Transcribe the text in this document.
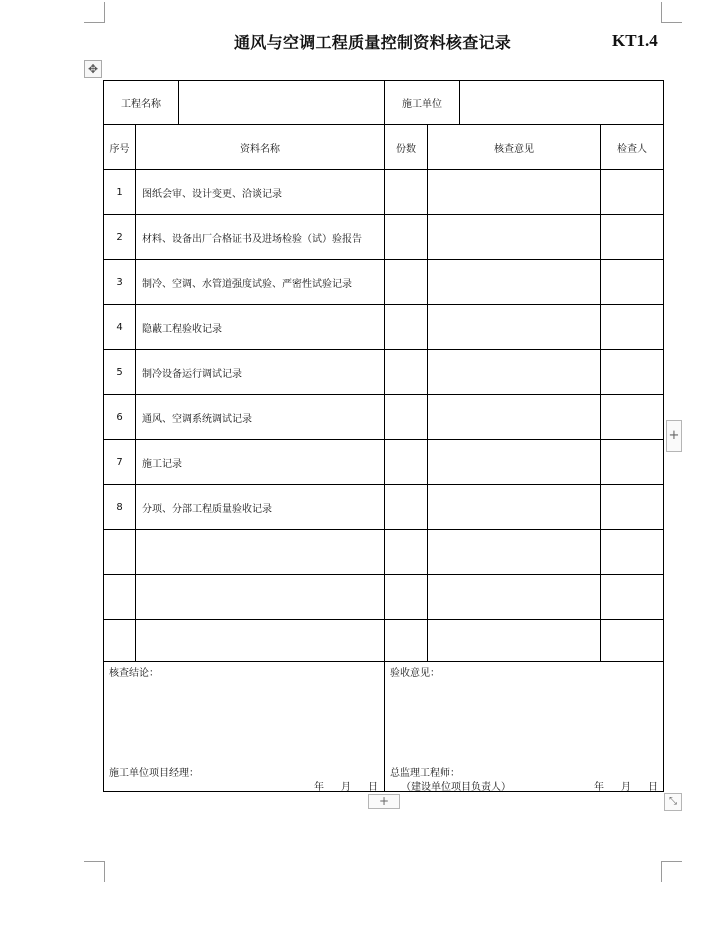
通风与空调工程质量控制资料核查记录	KT1.4
✥
工程名称	施工单位
序号	资料名称	份数	核查意见	检查人
1	图纸会审、设计变更、洽谈记录
2	材料、设备出厂合格证书及进场检验（试）验报告
3	制冷、空调、水管道强度试验、严密性试验记录
4	隐蔽工程验收记录
5	制冷设备运行调试记录
6	通风、空调系统调试记录
7	施工记录
8	分项、分部工程质量验收记录
核查结论：
施工单位项目经理：
年 月 日
验收意见：
总监理工程师：
（建设单位项目负责人）	年 月 日
+
+	⤡
